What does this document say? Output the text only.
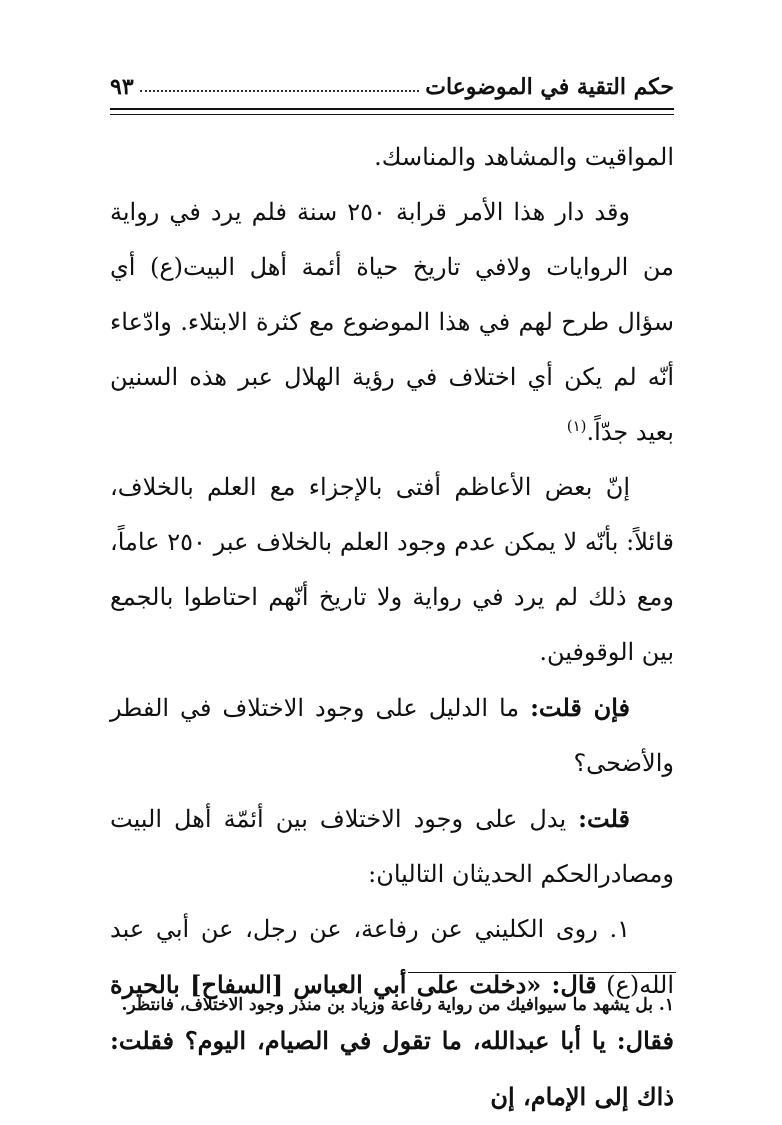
حكم التقية في الموضوعات
٩٣

المواقيت والمشاهد والمناسك.

وقد دار هذا الأمر قرابة ٢٥٠ سنة فلم يرد في رواية من الروايات ولافي تاريخ حياة أئمة أهل البيت(ع) أي سؤال طرح لهم في هذا الموضوع مع كثرة الابتلاء. وادّعاء أنّه لم يكن أي اختلاف في رؤية الهلال عبر هذه السنين بعيد جدّاً.$^{(١)}$

إنّ بعض الأعاظم أفتى بالإجزاء مع العلم بالخلاف، قائلاً: بأنّه لا يمكن عدم وجود العلم بالخلاف عبر ٢٥٠ عاماً، ومع ذلك لم يرد في رواية ولا تاريخ أنّهم احتاطوا بالجمع بين الوقوفين.

فإن قلت: ما الدليل على وجود الاختلاف في الفطر والأضحى؟

قلت: يدل على وجود الاختلاف بين أئمّة أهل البيت ومصادرالحكم الحديثان التاليان:

١. روى الكليني عن رفاعة، عن رجل، عن أبي عبد الله(ع) قال: «دخلت على أبي العباس [السفاح] بالحيرة فقال: يا أبا عبدالله، ما تقول في الصيام، اليوم؟ فقلت: ذاك إلى الإمام، إن

١. بل يشهد ما سيوافيك من رواية رفاعة وزياد بن منذر وجود الاختلاف، فانتظر.
